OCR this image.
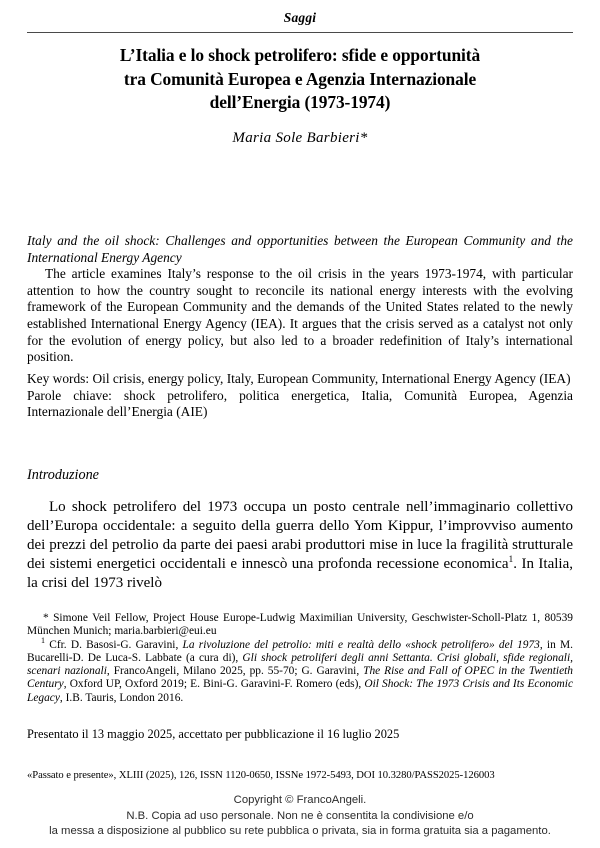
Saggi
L’Italia e lo shock petrolifero: sfide e opportunità
tra Comunità Europea e Agenzia Internazionale
dell’Energia (1973-1974)
Maria Sole Barbieri*

Italy and the oil shock: Challenges and opportunities between the European Community and the International Energy Agency

The article examines Italy’s response to the oil crisis in the years 1973-1974, with particular attention to how the country sought to reconcile its national energy interests with the evolving framework of the European Community and the demands of the United States related to the newly established International Energy Agency (IEA). It argues that the crisis served as a catalyst not only for the evolution of energy policy, but also led to a broader redefinition of Italy’s international position.

Key words: Oil crisis, energy policy, Italy, European Community, International Energy Agency (IEA)

Parole chiave: shock petrolifero, politica energetica, Italia, Comunità Europea, Agenzia Internazionale dell’Energia (AIE)

Introduzione

Lo shock petrolifero del 1973 occupa un posto centrale nell’immaginario collettivo dell’Europa occidentale: a seguito della guerra dello Yom Kippur, l’improvviso aumento dei prezzi del petrolio da parte dei paesi arabi produttori mise in luce la fragilità strutturale dei sistemi energetici occidentali e innescò una profonda recessione economica$^1$. In Italia, la crisi del 1973 rivelò

* Simone Veil Fellow, Project House Europe-Ludwig Maximilian University, Geschwister-Scholl-Platz 1, 80539 München Munich; maria.barbieri@eui.eu

$^1$ Cfr. D. Basosi-G. Garavini, La rivoluzione del petrolio: miti e realtà dello «shock petrolifero» del 1973, in M. Bucarelli-D. De Luca-S. Labbate (a cura di), Gli shock petroliferi degli anni Settanta. Crisi globali, sfide regionali, scenari nazionali, FrancoAngeli, Milano 2025, pp. 55-70; G. Garavini, The Rise and Fall of OPEC in the Twentieth Century, Oxford UP, Oxford 2019; E. Bini-G. Garavini-F. Romero (eds), Oil Shock: The 1973 Crisis and Its Economic Legacy, I.B. Tauris, London 2016.

Presentato il 13 maggio 2025, accettato per pubblicazione il 16 luglio 2025
«Passato e presente», XLIII (2025), 126, ISSN 1120-0650, ISSNe 1972-5493, DOI 10.3280/PASS2025-126003
Copyright © FrancoAngeli.
N.B. Copia ad uso personale. Non ne è consentita la condivisione e/o
la messa a disposizione al pubblico su rete pubblica o privata, sia in forma gratuita sia a pagamento.
